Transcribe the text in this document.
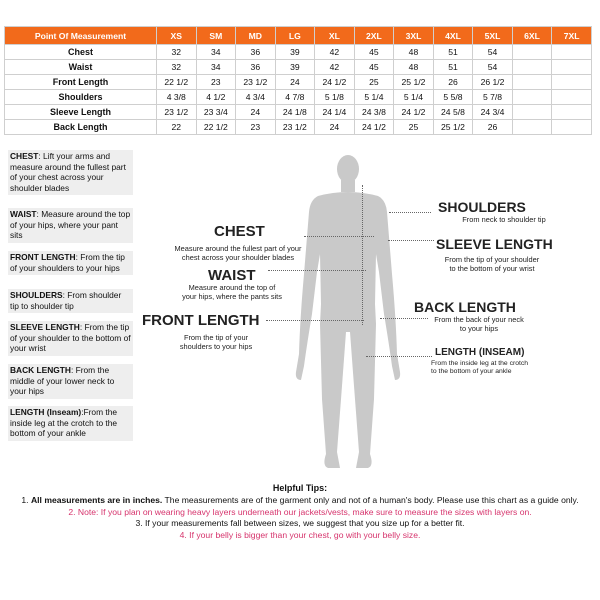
Point Of Measurement	XS	SM	MD	LG	XL	2XL	3XL	4XL	5XL	6XL	7XL
Chest	32	34	36	39	42	45	48	51	54		
Waist	32	34	36	39	42	45	48	51	54		
Front Length	22 1/2	23	23 1/2	24	24 1/2	25	25 1/2	26	26 1/2		
Shoulders	4 3/8	4 1/2	4 3/4	4 7/8	5 1/8	5 1/4	5 1/4	5 5/8	5 7/8		
Sleeve Length	23 1/2	23 3/4	24	24 1/8	24 1/4	24 3/8	24 1/2	24 5/8	24 3/4		
Back Length	22	22 1/2	23	23 1/2	24	24 1/2	25	25 1/2	26		
CHEST: Lift your arms and measure around the fullest part of your chest across your shoulder blades
WAIST: Measure around the top of your hips, where your pant sits
FRONT LENGTH: From the tip of your shoulders to your hips
SHOULDERS: From shoulder tip to shoulder tip
SLEEVE LENGTH: From the tip of your shoulder to the bottom of your wrist
BACK LENGTH: From the middle of your lower neck to your hips
LENGTH (Inseam):From the inside leg at the crotch to the bottom of your ankle
CHEST
Measure around the fullest part of your
chest across your shoulder blades
WAIST
Measure around the top of
your hips, where the pants sits
FRONT LENGTH
From the tip of your
shoulders to your hips
SHOULDERS
From neck to shoulder tip
SLEEVE LENGTH
From the tip of your shoulder
to the bottom of your wrist
BACK LENGTH
From the back of your neck
to your hips
LENGTH (INSEAM)
From the inside leg at the crotch
to the bottom of your ankle
Helpful Tips:
1. All measurements are in inches. The measurements are of the garment only and not of a human's body. Please use this chart as a guide only.
2. Note: If you plan on wearing heavy layers underneath our jackets/vests, make sure to measure the sizes with layers on.
3. If your measurements fall between sizes, we suggest that you size up for a better fit.
4. If your belly is bigger than your chest, go with your belly size.
